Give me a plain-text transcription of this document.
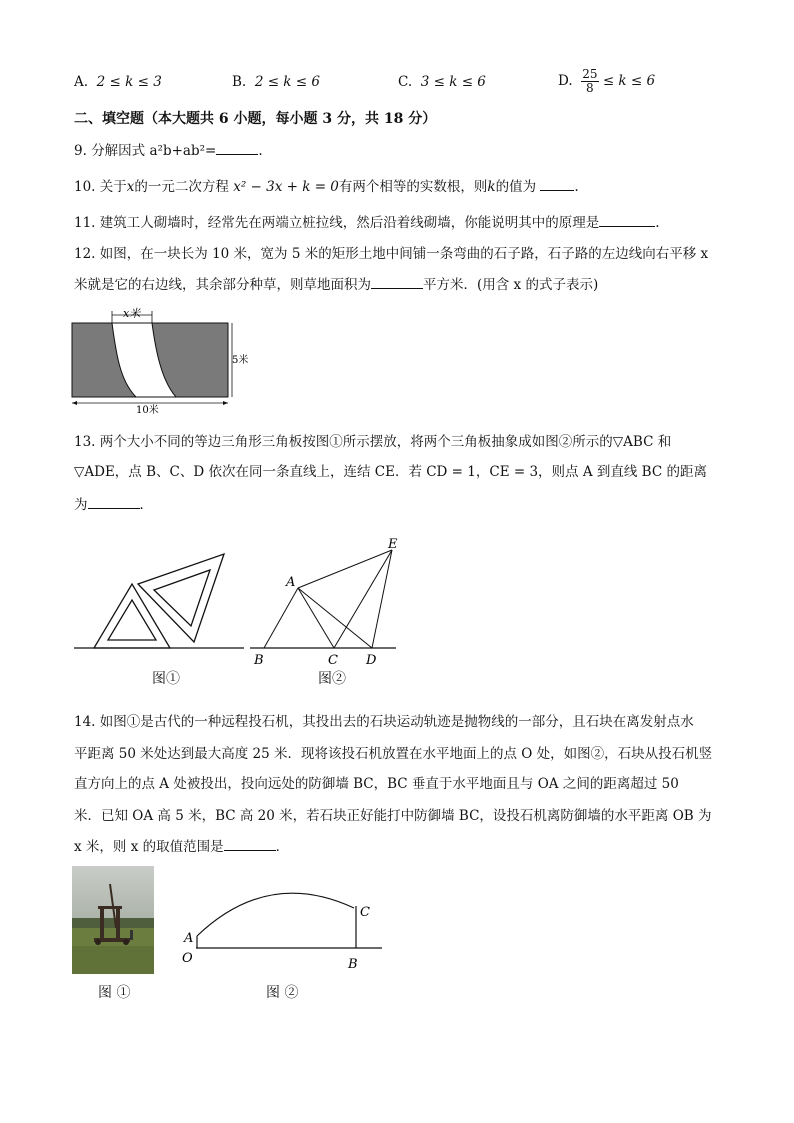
A. 2 ≤ k ≤ 3	B. 2 ≤ k ≤ 6	C. 3 ≤ k ≤ 6	D. $\frac{25}{8} \le k \le 6$
二、填空题（本大题共 6 小题，每小题 3 分，共 18 分）
9. 分解因式 a²b+ab²=	.
10. 关于x的一元二次方程 x² − 3x + k = 0有两个相等的实数根，则k的值为	.
11. 建筑工人砌墙时，经常先在两端立桩拉线，然后沿着线砌墙，你能说明其中的原理是	.
12. 如图，在一块长为 10 米，宽为 5 米的矩形土地中间铺一条弯曲的石子路，石子路的左边线向右平移 x
米就是它的右边线，其余部分种草，则草地面积为	平方米．(用含 x 的式子表示)
x米
5米
10米
13. 两个大小不同的等边三角形三角板按图①所示摆放，将两个三角板抽象成如图②所示的▽ABC 和
▽ADE，点 B、C、D 依次在同一条直线上，连结 CE．若 CD = 1，CE = 3，则点 A 到直线 BC 的距离
为	．
图①
A
B	C D
E
图②
14. 如图①是古代的一种远程投石机，其投出去的石块运动轨迹是抛物线的一部分，且石块在离发射点水
平距离 50 米处达到最大高度 25 米．现将该投石机放置在水平地面上的点 O 处，如图②，石块从投石机竖
直方向上的点 A 处被投出，投向远处的防御墙 BC，BC 垂直于水平地面且与 OA 之间的距离超过 50
米．已知 OA 高 5 米，BC 高 20 米，若石块正好能打中防御墙 BC，设投石机离防御墙的水平距离 OB 为
x 米，则 x 的取值范围是	．
图 ①
A
O	B
C
图 ②
